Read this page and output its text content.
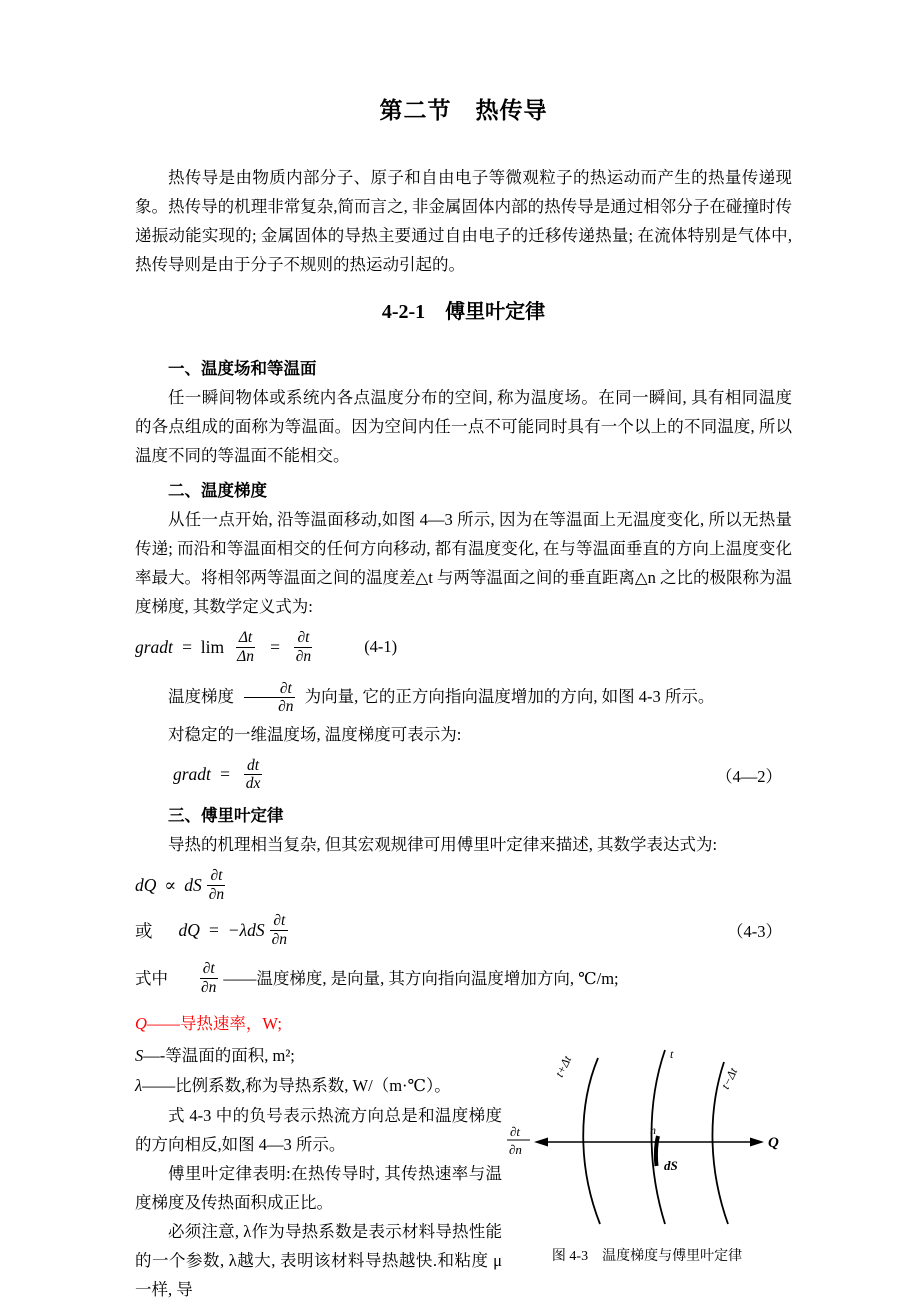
第二节　热传导

热传导是由物质内部分子、原子和自由电子等微观粒子的热运动而产生的热量传递现象。热传导的机理非常复杂,简而言之, 非金属固体内部的热传导是通过相邻分子在碰撞时传递振动能实现的; 金属固体的导热主要通过自由电子的迁移传递热量; 在流体特别是气体中,热传导则是由于分子不规则的热运动引起的。

4-2-1　傅里叶定律

一、温度场和等温面

任一瞬间物体或系统内各点温度分布的空间, 称为温度场。在同一瞬间, 具有相同温度的各点组成的面称为等温面。因为空间内任一点不可能同时具有一个以上的不同温度, 所以温度不同的等温面不能相交。

二、温度梯度

从任一点开始, 沿等温面移动,如图 4—3 所示, 因为在等温面上无温度变化, 所以无热量传递; 而沿和等温面相交的任何方向移动, 都有温度变化, 在与等温面垂直的方向上温度变化率最大。将相邻两等温面之间的温度差△t 与两等温面之间的垂直距离△n 之比的极限称为温度梯度, 其数学定义式为:

gradt = $\lim \frac{\Delta t}{\Delta n} = \frac{\partial t}{\partial n}$	(4-1)

温度梯度 $\frac{\partial t}{\partial n}$ 为向量, 它的正方向指向温度增加的方向, 如图 4-3 所示。

对稳定的一维温度场, 温度梯度可表示为:

gradt = $\frac{dt}{dx}$	（4—2）

三、傅里叶定律

导热的机理相当复杂, 但其宏观规律可用傅里叶定律来描述, 其数学表达式为:

dQ ∝ dS $\frac{\partial t}{\partial n}$
或 dQ = $-\lambda dS \frac{\partial t}{\partial n}$	（4-3）
式中 $\frac{\partial t}{\partial n}$ ——温度梯度, 是向量, 其方向指向温度增加方向, ℃/m;

Q——导热速率，W;

S—-等温面的面积, m²;

λ——比例系数,称为导热系数, W/（m·℃）。

式 4-3 中的负号表示热流方向总是和温度梯度的方向相反,如图 4—3 所示。

傅里叶定律表明:在热传导时, 其传热速率与温度梯度及传热面积成正比。

必须注意, λ作为导热系数是表示材料导热性能的一个参数, λ越大, 表明该材料导热越快.和粘度 μ一样, 导

∂t
∂n	Q
n
dS
t+Δt	t
t−Δt
图 4-3　温度梯度与傅里叶定律
